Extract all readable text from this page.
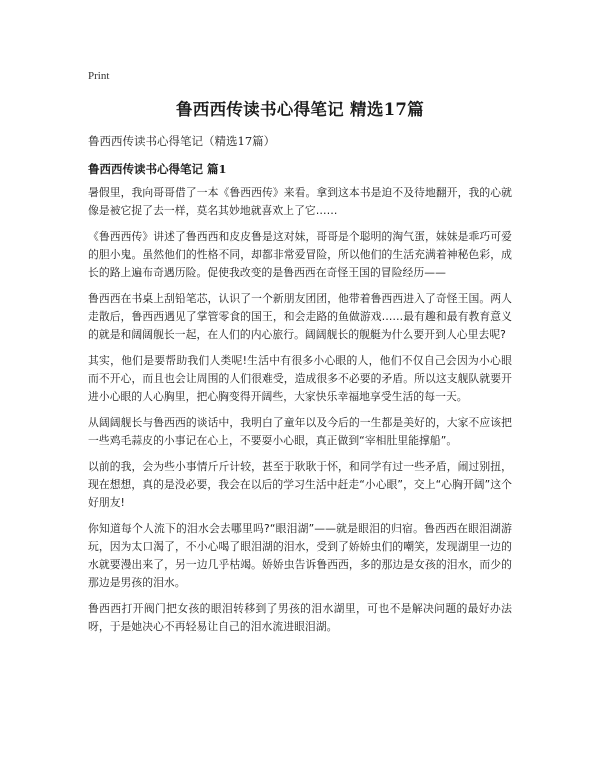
Print
鲁西西传读书心得笔记 精选17篇
鲁西西传读书心得笔记（精选17篇）
鲁西西传读书心得笔记 篇1

暑假里，我向哥哥借了一本《鲁西西传》来看。拿到这本书是迫不及待地翻开，我的心就像是被它捉了去一样，莫名其妙地就喜欢上了它……

《鲁西西传》讲述了鲁西西和皮皮鲁是这对妹，哥哥是个聪明的淘气蛋，妹妹是乖巧可爱的胆小鬼。虽然他们的性格不同，却都非常爱冒险，所以他们的生活充满着神秘色彩，成长的路上遍布奇遇历险。促使我改变的是鲁西西在奇怪王国的冒险经历——

鲁西西在书桌上刮铅笔芯，认识了一个新朋友团团，他带着鲁西西进入了奇怪王国。两人走散后，鲁西西遇见了掌管零食的国王，和会走路的鱼做游戏……最有趣和最有教育意义的就是和阔阔舰长一起，在人们的内心旅行。阔阔舰长的舰艇为什么要开到人心里去呢?

其实，他们是要帮助我们人类呢!生活中有很多小心眼的人，他们不仅自己会因为小心眼而不开心，而且也会让周围的人们很难受，造成很多不必要的矛盾。所以这支舰队就要开进小心眼的人心胸里，把心胸变得开阔些，大家快乐幸福地享受生活的每一天。

从阔阔舰长与鲁西西的谈话中，我明白了童年以及今后的一生都是美好的，大家不应该把一些鸡毛蒜皮的小事记在心上，不要耍小心眼，真正做到“宰相肚里能撑船”。

以前的我，会为些小事情斤斤计较，甚至于耿耿于怀，和同学有过一些矛盾，闹过别扭，现在想想，真的是没必要，我会在以后的学习生活中赶走“小心眼”，交上“心胸开阔”这个好朋友!

你知道每个人流下的泪水会去哪里吗?“眼泪湖”——就是眼泪的归宿。鲁西西在眼泪湖游玩，因为太口渴了，不小心喝了眼泪湖的泪水，受到了娇娇虫们的嘲笑，发现湖里一边的水就要漫出来了，另一边几乎枯竭。娇娇虫告诉鲁西西，多的那边是女孩的泪水，而少的那边是男孩的泪水。

鲁西西打开阀门把女孩的眼泪转移到了男孩的泪水湖里，可也不是解决问题的最好办法呀，于是她决心不再轻易让自己的泪水流进眼泪湖。
